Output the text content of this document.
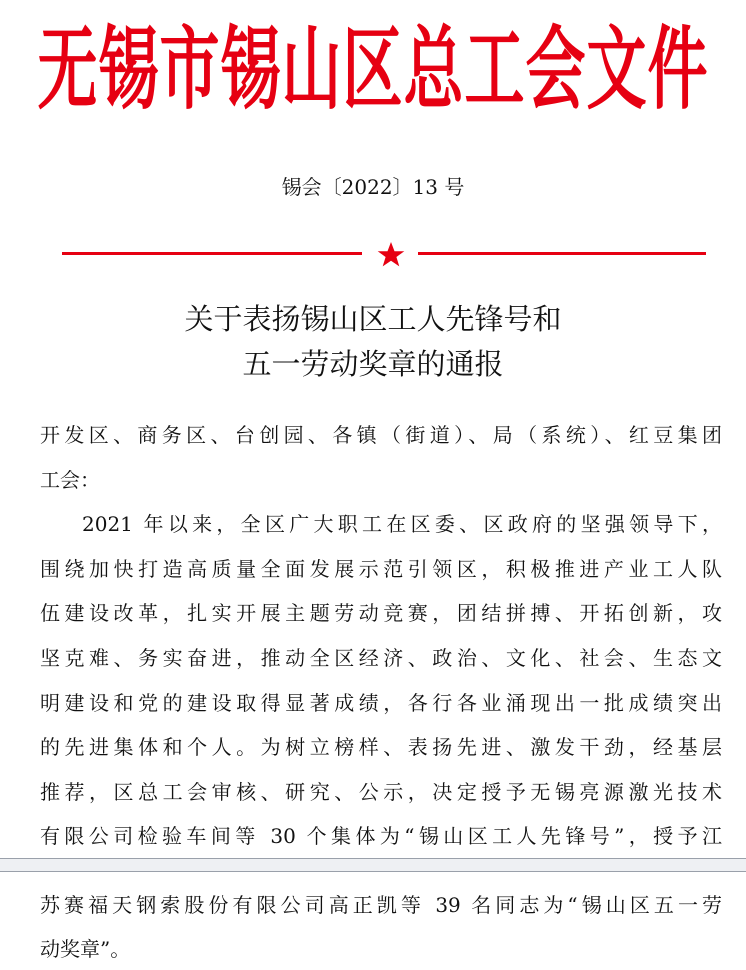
无锡市锡山区总工会文件
锡会〔2022〕13 号
关于表扬锡山区工人先锋号和
五一劳动奖章的通报
开发区、商务区、台创园、各镇（街道）、局（系统）、红豆集团
工会：
2021 年以来，全区广大职工在区委、区政府的坚强领导下，
围绕加快打造高质量全面发展示范引领区，积极推进产业工人队
伍建设改革，扎实开展主题劳动竞赛，团结拼搏、开拓创新，攻
坚克难、务实奋进，推动全区经济、政治、文化、社会、生态文
明建设和党的建设取得显著成绩，各行各业涌现出一批成绩突出
的先进集体和个人。为树立榜样、表扬先进、激发干劲，经基层
推荐，区总工会审核、研究、公示，决定授予无锡亮源激光技术
有限公司检验车间等 30 个集体为“锡山区工人先锋号”，授予江
苏赛福天钢索股份有限公司高正凯等 39 名同志为“锡山区五一劳
动奖章”。
